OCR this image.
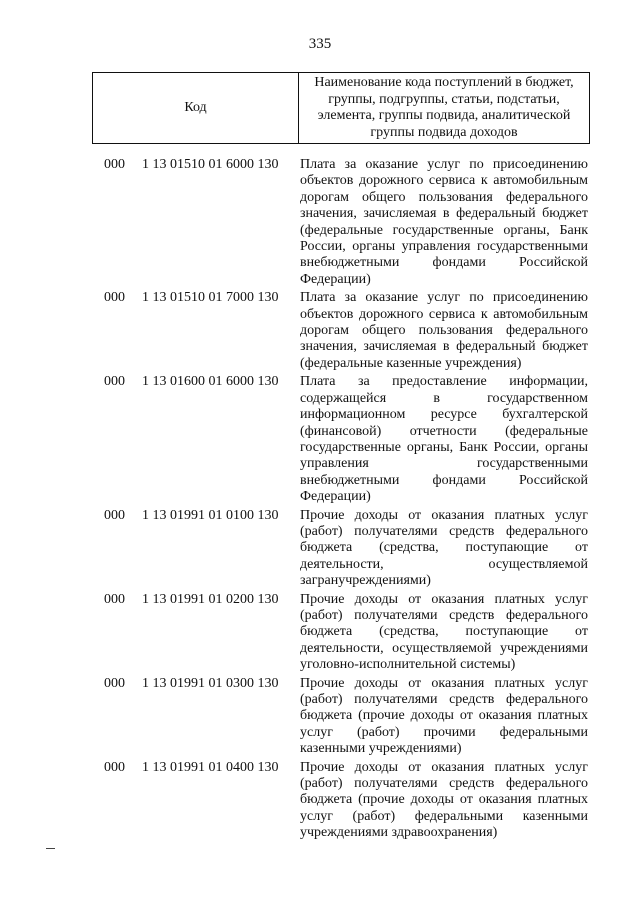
335
Код	Наименование кода поступлений в бюджет, группы, подгруппы, статьи, подстатьи, элемента, группы подвида, аналитической группы подвида доходов
000	1 13 01510 01 6000 130	Плата за оказание услуг по присоединению
объектов дорожного сервиса к автомобильным
дорогам общего пользования федерального
значения, зачисляемая в федеральный бюджет
(федеральные государственные органы, Банк
России, органы управления государственными
внебюджетными фондами Российской
Федерации)
000	1 13 01510 01 7000 130	Плата за оказание услуг по присоединению
объектов дорожного сервиса к автомобильным
дорогам общего пользования федерального
значения, зачисляемая в федеральный бюджет
(федеральные казенные учреждения)
000	1 13 01600 01 6000 130	Плата за предоставление информации,
содержащейся в государственном
информационном ресурсе бухгалтерской
(финансовой) отчетности (федеральные
государственные органы, Банк России, органы
управления государственными
внебюджетными фондами Российской
Федерации)
000	1 13 01991 01 0100 130	Прочие доходы от оказания платных услуг
(работ) получателями средств федерального
бюджета (средства, поступающие от
деятельности, осуществляемой
загранучреждениями)
000	1 13 01991 01 0200 130	Прочие доходы от оказания платных услуг
(работ) получателями средств федерального
бюджета (средства, поступающие от
деятельности, осуществляемой учреждениями
уголовно-исполнительной системы)
000	1 13 01991 01 0300 130	Прочие доходы от оказания платных услуг
(работ) получателями средств федерального
бюджета (прочие доходы от оказания платных
услуг (работ) прочими федеральными
казенными учреждениями)
000	1 13 01991 01 0400 130	Прочие доходы от оказания платных услуг
(работ) получателями средств федерального
бюджета (прочие доходы от оказания платных
услуг (работ) федеральными казенными
учреждениями здравоохранения)
